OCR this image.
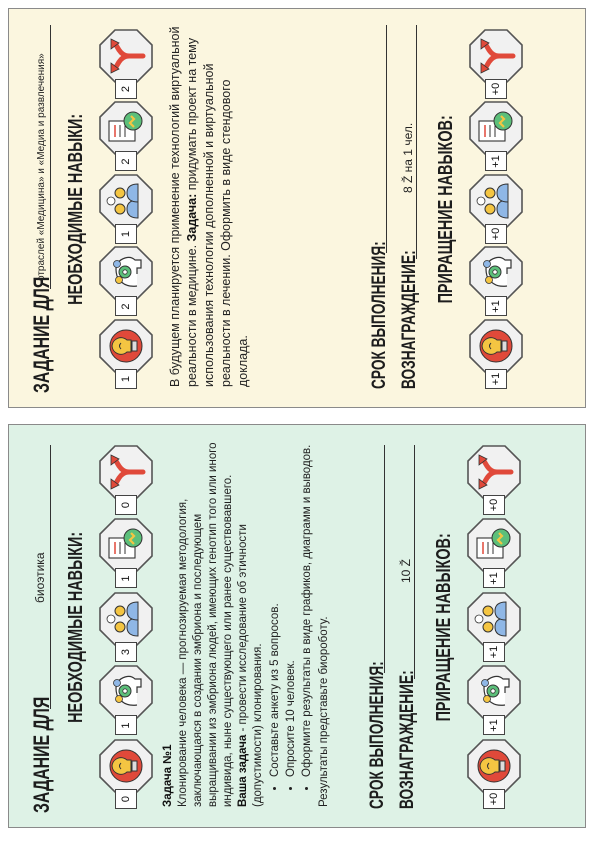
ЗАДАНИЕ ДЛЯ
отраслей «Медицина» и «Медиа и развлечения» НЕОБХОДИМЫЕ НАВЫКИ:
1
2
1
2
2	В будущем планируется применение технологий виртуальной реальности в медицине. Задача: придумать проект на тему использования технологии дополненной и виртуальной реальности в лечении. Оформить в виде стендового доклада.	СРОК ВЫПОЛНЕНИЯ: ВОЗНАГРАЖДЕНИЕ:
8 Ž на 1 чел. ПРИРАЩЕНИЕ НАВЫКОВ:
+1
+1
+0
+1
+0
ЗАДАНИЕ ДЛЯ
биоэтика НЕОБХОДИМЫЕ НАВЫКИ:
0
1
3
1
0
Задача №1 Клонирование человека — прогнозируемая методология, заключающаяся в создании эмбриона и последующем выращивании из эмбриона людей, имеющих генотип того или иного индивида, ныне существующего или ранее существовавшего. Ваша задача - провести исследование об этичности (допустимости) клонирования. • Составьте анкету из 5 вопросов. • Опросите 10 человек. • Оформите результаты в виде графиков, диаграмм и выводов. Результаты представьте биороботу. СРОК ВЫПОЛНЕНИЯ: ВОЗНАГРАЖДЕНИЕ:
10 Ž ПРИРАЩЕНИЕ НАВЫКОВ:
+0
+1
+1
+1
+0
